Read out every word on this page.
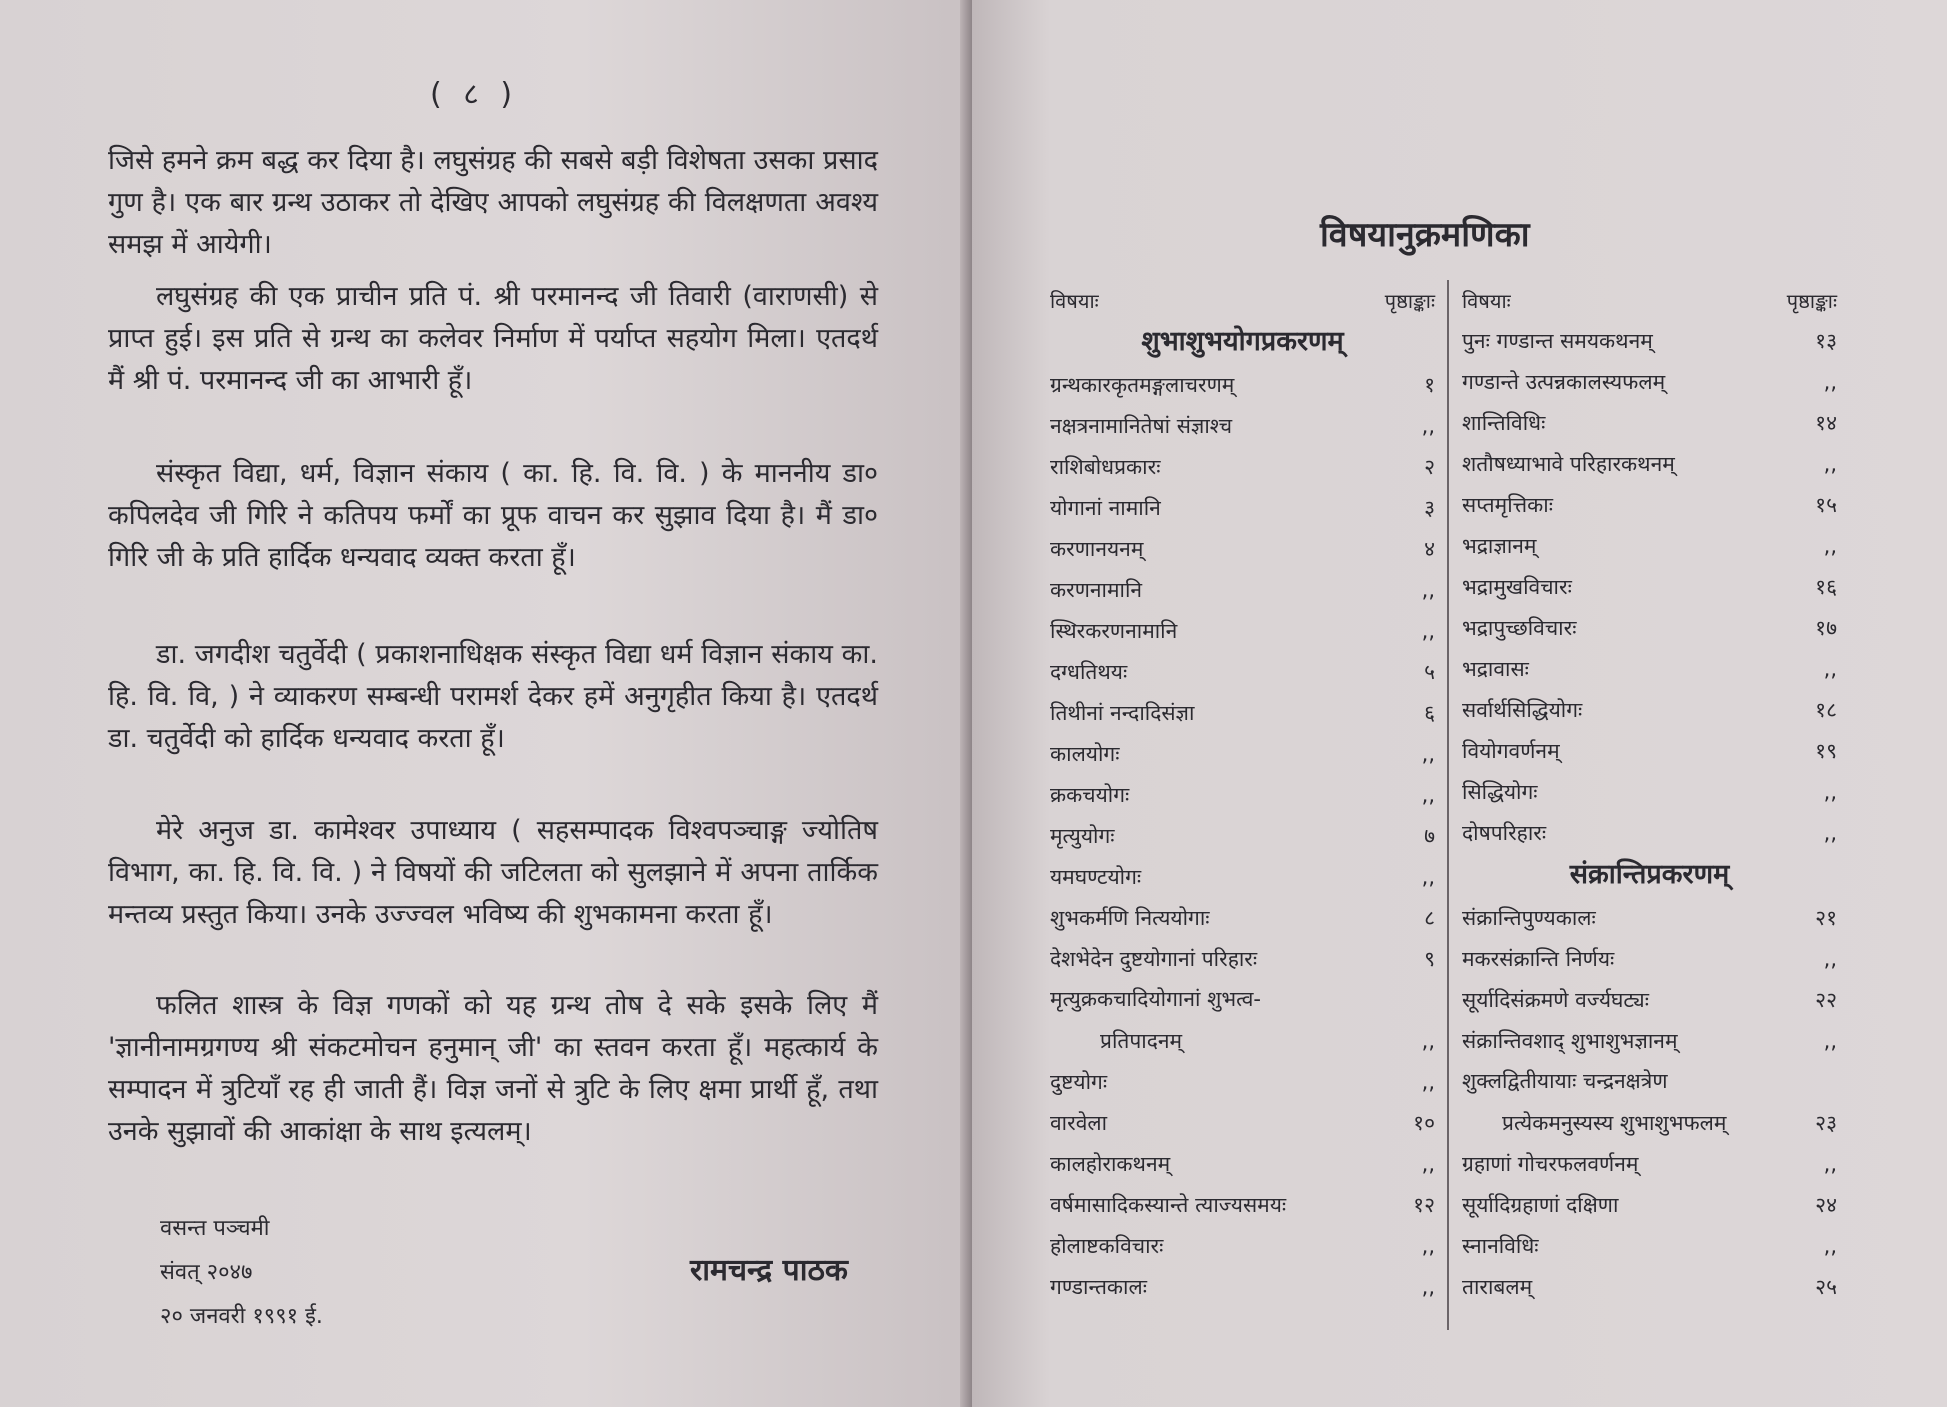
( ८ )

जिसे हमने क्रम बद्ध कर दिया है। लघुसंग्रह की सबसे बड़ी विशेषता उसका प्रसाद गुण है। एक बार ग्रन्थ उठाकर तो देखिए आपको लघुसंग्रह की विलक्षणता अवश्य समझ में आयेगी।

लघुसंग्रह की एक प्राचीन प्रति पं. श्री परमानन्द जी तिवारी (वाराणसी) से प्राप्त हुई। इस प्रति से ग्रन्थ का कलेवर निर्माण में पर्याप्त सहयोग मिला। एतदर्थ मैं श्री पं. परमानन्द जी का आभारी हूँ।

संस्कृत विद्या, धर्म, विज्ञान संकाय ( का. हि. वि. वि. ) के माननीय डा० कपिलदेव जी गिरि ने कतिपय फर्मों का प्रूफ वाचन कर सुझाव दिया है। मैं डा० गिरि जी के प्रति हार्दिक धन्यवाद व्यक्त करता हूँ।

डा. जगदीश चतुर्वेदी ( प्रकाशनाधिक्षक संस्कृत विद्या धर्म विज्ञान संकाय का. हि. वि. वि, ) ने व्याकरण सम्बन्धी परामर्श देकर हमें अनुगृहीत किया है। एतदर्थ डा. चतुर्वेदी को हार्दिक धन्यवाद करता हूँ।

मेरे अनुज डा. कामेश्वर उपाध्याय ( सहसम्पादक विश्वपञ्चाङ्ग ज्योतिष विभाग, का. हि. वि. वि. ) ने विषयों की जटिलता को सुलझाने में अपना तार्किक मन्तव्य प्रस्तुत किया। उनके उज्ज्वल भविष्य की शुभकामना करता हूँ।

फलित शास्त्र के विज्ञ गणकों को यह ग्रन्थ तोष दे सके इसके लिए मैं 'ज्ञानीनामग्रगण्य श्री संकटमोचन हनुमान् जी' का स्तवन करता हूँ। महत्कार्य के सम्पादन में त्रुटियाँ रह ही जाती हैं। विज्ञ जनों से त्रुटि के लिए क्षमा प्रार्थी हूँ, तथा उनके सुझावों की आकांक्षा के साथ इत्यलम्।

वसन्त पञ्चमी
संवत् २०४७
२० जनवरी १९९१ ई.
रामचन्द्र पाठक
विषयानुक्रमणिका
विषयाः	पृष्ठाङ्काः
शुभाशुभयोगप्रकरणम्
ग्रन्थकारकृतमङ्गलाचरणम्	१
नक्षत्रनामानितेषां संज्ञाश्च	,,
राशिबोधप्रकारः	२
योगानां नामानि	३
करणानयनम्	४
करणनामानि	,,
स्थिरकरणनामानि	,,
दग्धतिथयः	५
तिथीनां नन्दादिसंज्ञा	६
कालयोगः	,,
क्रकचयोगः	,,
मृत्युयोगः	७
यमघण्टयोगः	,,
शुभकर्मणि नित्ययोगाः	८
देशभेदेन दुष्टयोगानां परिहारः	९
मृत्युक्रकचादियोगानां शुभत्व-
प्रतिपादनम्	,,
दुष्टयोगः	,,
वारवेला	१०
कालहोराकथनम्	,,
वर्षमासादिकस्यान्ते त्याज्यसमयः	१२
होलाष्टकविचारः	,,
गण्डान्तकालः	,,
विषयाः	पृष्ठाङ्काः
पुनः गण्डान्त समयकथनम्	१३
गण्डान्ते उत्पन्नकालस्यफलम्	,,
शान्तिविधिः	१४
शतौषध्याभावे परिहारकथनम्	,,
सप्तमृत्तिकाः	१५
भद्राज्ञानम्	,,
भद्रामुखविचारः	१६
भद्रापुच्छविचारः	१७
भद्रावासः	,,
सर्वार्थसिद्धियोगः	१८
वियोगवर्णनम्	१९
सिद्धियोगः	,,
दोषपरिहारः	,,
संक्रान्तिप्रकरणम्
संक्रान्तिपुण्यकालः	२१
मकरसंक्रान्ति निर्णयः	,,
सूर्यादिसंक्रमणे वर्ज्यघट्यः	२२
संक्रान्तिवशाद् शुभाशुभज्ञानम्	,,
शुक्लद्वितीयायाः चन्द्रनक्षत्रेण
प्रत्येकमनुस्यस्य शुभाशुभफलम्	२३
ग्रहाणां गोचरफलवर्णनम्	,,
सूर्यादिग्रहाणां दक्षिणा	२४
स्नानविधिः	,,
ताराबलम्	२५
